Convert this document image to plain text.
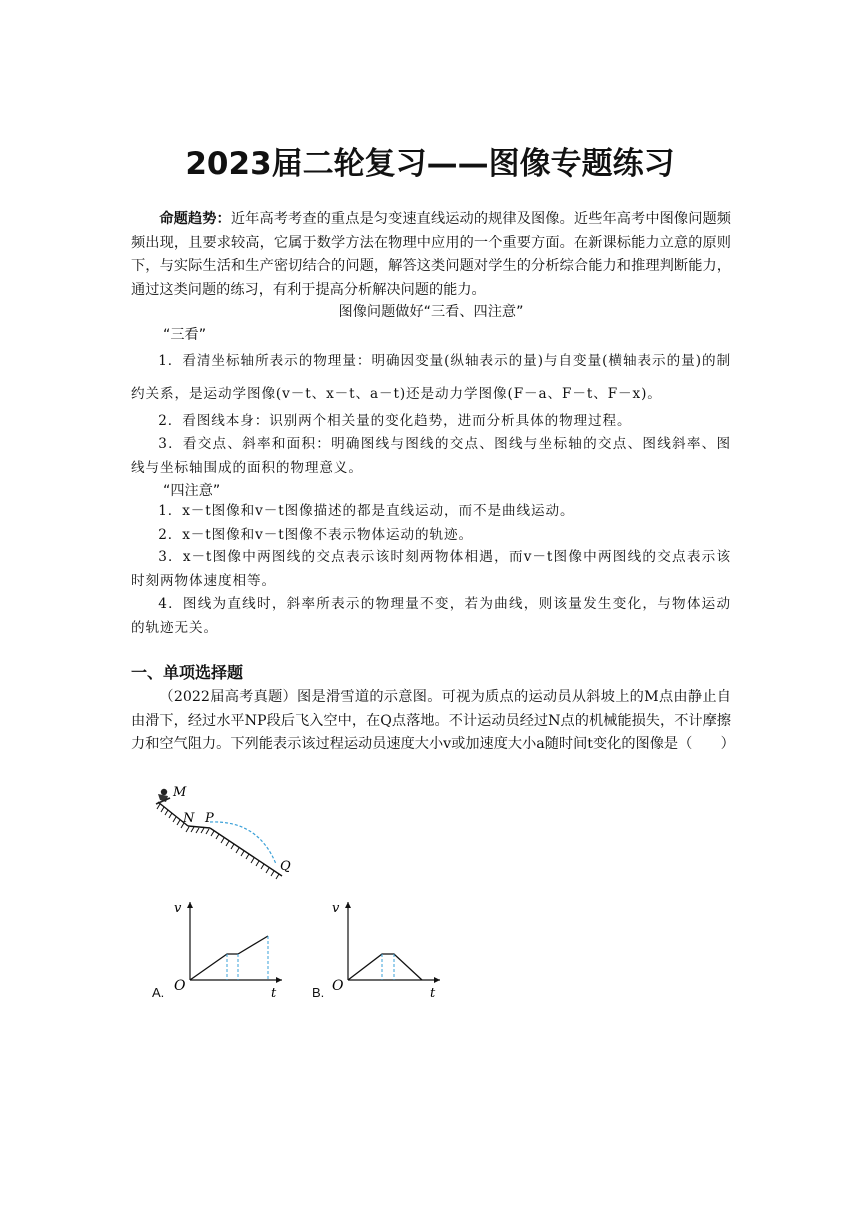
2023届二轮复习——图像专题练习
命题趋势：近年高考考查的重点是匀变速直线运动的规律及图像。近些年高考中图像问题频频出现，且要求较高，它属于数学方法在物理中应用的一个重要方面。在新课标能力立意的原则下，与实际生活和生产密切结合的问题，解答这类问题对学生的分析综合能力和推理判断能力，通过这类问题的练习，有利于提高分析解决问题的能力。
图像问题做好“三看、四注意”
“三看”
1．看清坐标轴所表示的物理量：明确因变量(纵轴表示的量)与自变量(横轴表示的量)的制约关系，是运动学图像(v－t、x－t、a－t)还是动力学图像(F－a、F－t、F－x)。
2．看图线本身：识别两个相关量的变化趋势，进而分析具体的物理过程。
3．看交点、斜率和面积：明确图线与图线的交点、图线与坐标轴的交点、图线斜率、图线与坐标轴围成的面积的物理意义。
“四注意”
1．x－t图像和v－t图像描述的都是直线运动，而不是曲线运动。
2．x－t图像和v－t图像不表示物体运动的轨迹。
3．x－t图像中两图线的交点表示该时刻两物体相遇，而v－t图像中两图线的交点表示该时刻两物体速度相等。
4．图线为直线时，斜率所表示的物理量不变，若为曲线，则该量发生变化，与物体运动的轨迹无关。
一、单项选择题
（2022届高考真题）图是滑雪道的示意图。可视为质点的运动员从斜坡上的M点由静止自由滑下，经过水平NP段后飞入空中，在Q点落地。不计运动员经过N点的机械能损失，不计摩擦力和空气阻力。下列能表示该过程运动员速度大小v或加速度大小a随时间t变化的图像是（　　）
M
N P
Q
A.
v
O	t	B.
v
O	t
